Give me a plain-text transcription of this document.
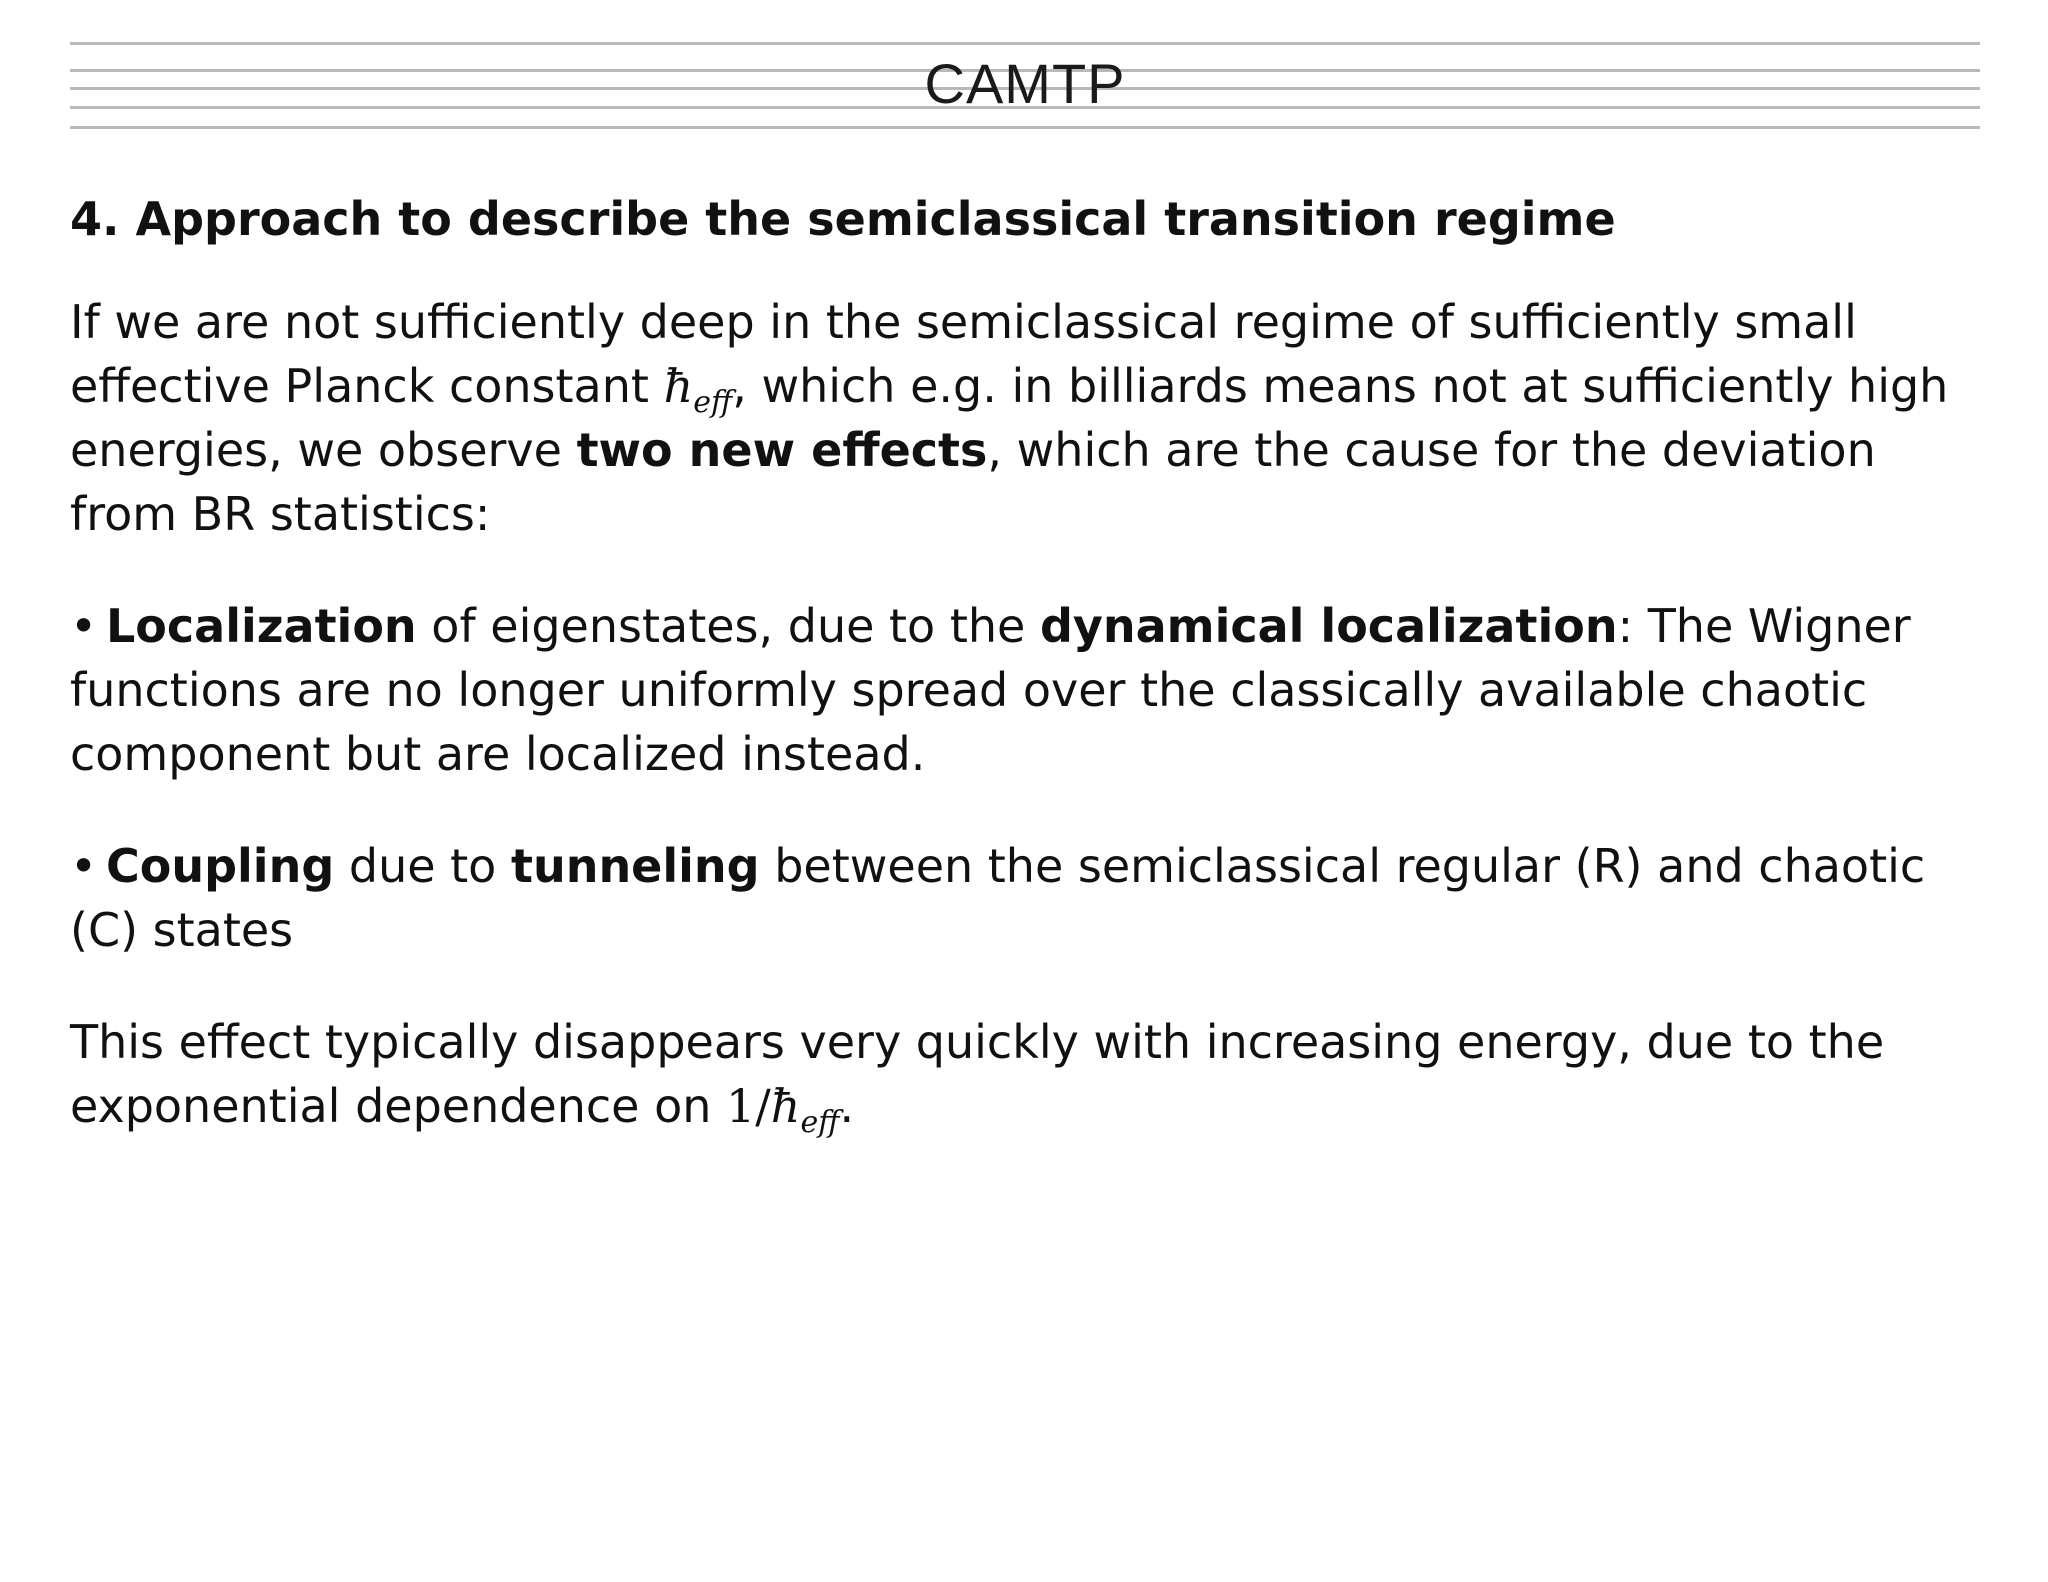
CAMTP
4. Approach to describe the semiclassical transition regime

If we are not sufficiently deep in the semiclassical regime of sufficiently small effective Planck constant $ħ_{eff}$, which e.g. in billiards means not at sufficiently high energies, we observe two new effects, which are the cause for the deviation from BR statistics:

• Localization of eigenstates, due to the dynamical localization: The Wigner functions are no longer uniformly spread over the classically available chaotic component but are localized instead.

• Coupling due to tunneling between the semiclassical regular (R) and chaotic (C) states

This effect typically disappears very quickly with increasing energy, due to the exponential dependence on $1/ħ_{eff}$.
